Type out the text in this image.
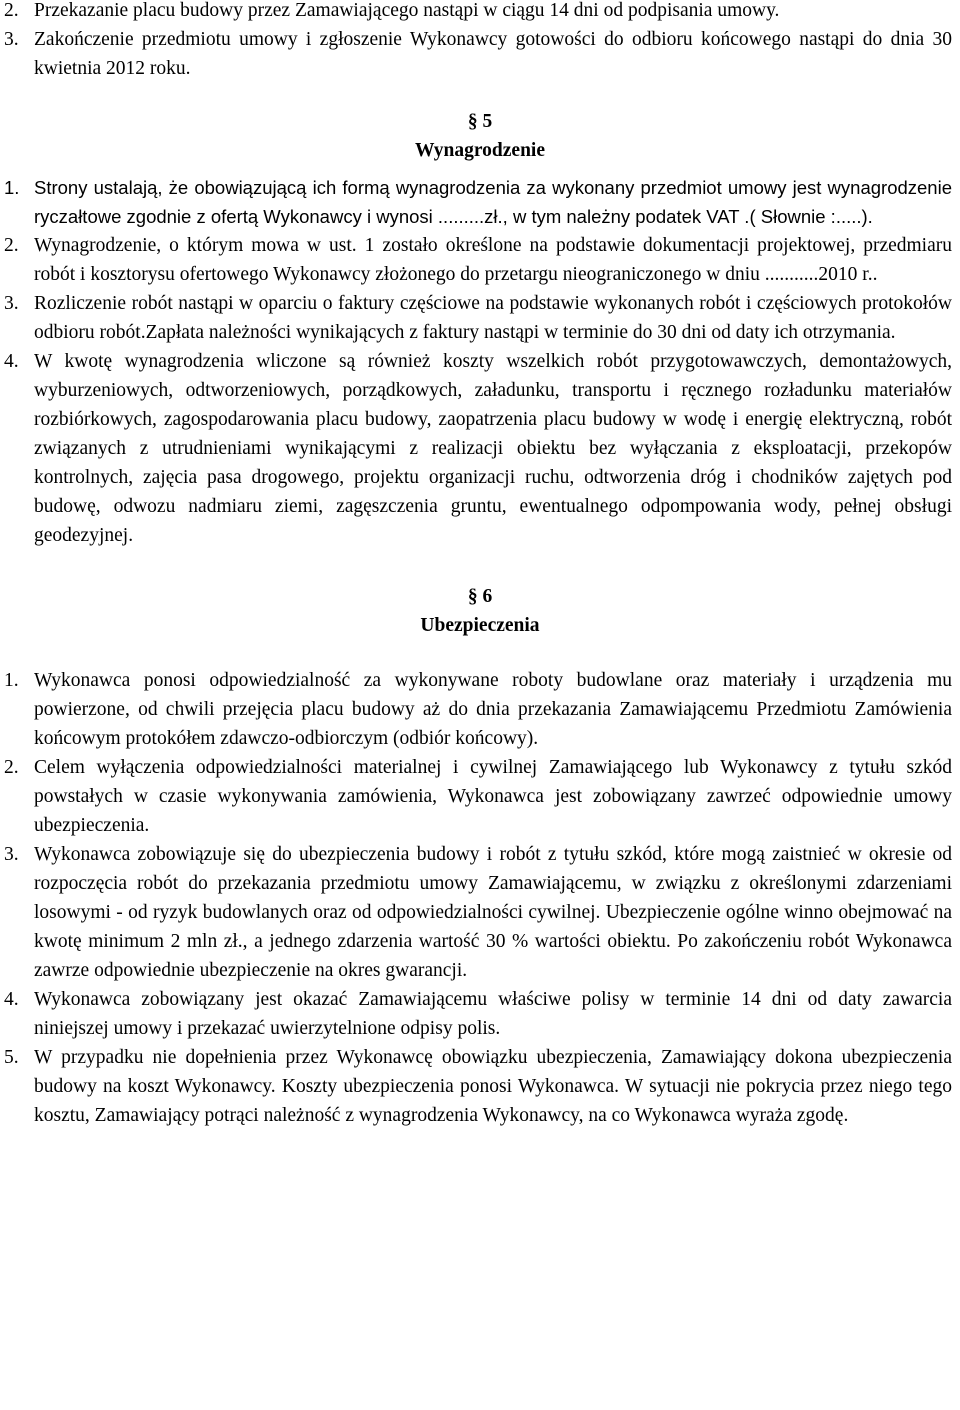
2. Przekazanie placu budowy przez Zamawiającego nastąpi w ciągu 14 dni od podpisania umowy.
3. Zakończenie przedmiotu umowy i zgłoszenie Wykonawcy gotowości do odbioru końcowego nastąpi do dnia 30 kwietnia 2012 roku.
§ 5
Wynagrodzenie
1. Strony ustalają, że obowiązującą ich formą wynagrodzenia za wykonany przedmiot umowy jest wynagrodzenie ryczałtowe zgodnie z ofertą Wykonawcy i wynosi .........zł., w tym należny podatek VAT .( Słownie :.....).
2. Wynagrodzenie, o którym mowa w ust. 1 zostało określone na podstawie dokumentacji projektowej, przedmiaru robót i kosztorysu ofertowego Wykonawcy złożonego do przetargu nieograniczonego w dniu ...........2010 r..
3. Rozliczenie robót nastąpi w oparciu o faktury częściowe na podstawie wykonanych robót i częściowych protokołów odbioru robót.Zapłata należności wynikających z faktury nastąpi w terminie do 30 dni od daty ich otrzymania.
4. W kwotę wynagrodzenia wliczone są również koszty wszelkich robót przygotowawczych, demontażowych, wyburzeniowych, odtworzeniowych, porządkowych, załadunku, transportu i ręcznego rozładunku materiałów rozbiórkowych, zagospodarowania placu budowy, zaopatrzenia placu budowy w wodę i energię elektryczną, robót związanych z utrudnieniami wynikającymi z realizacji obiektu bez wyłączania z eksploatacji, przekopów kontrolnych, zajęcia pasa drogowego, projektu organizacji ruchu, odtworzenia dróg i chodników zajętych pod budowę, odwozu nadmiaru ziemi, zagęszczenia gruntu, ewentualnego odpompowania wody, pełnej obsługi geodezyjnej.
§ 6
Ubezpieczenia
1. Wykonawca ponosi odpowiedzialność za wykonywane roboty budowlane oraz materiały i urządzenia mu powierzone, od chwili przejęcia placu budowy aż do dnia przekazania Zamawiającemu Przedmiotu Zamówienia końcowym protokółem zdawczo-odbiorczym (odbiór końcowy).
2. Celem wyłączenia odpowiedzialności materialnej i cywilnej Zamawiającego lub Wykonawcy z tytułu szkód powstałych w czasie wykonywania zamówienia, Wykonawca jest zobowiązany zawrzeć odpowiednie umowy ubezpieczenia.
3. Wykonawca zobowiązuje się do ubezpieczenia budowy i robót z tytułu szkód, które mogą zaistnieć w okresie od rozpoczęcia robót do przekazania przedmiotu umowy Zamawiającemu, w związku z określonymi zdarzeniami losowymi - od ryzyk budowlanych oraz od odpowiedzialności cywilnej. Ubezpieczenie ogólne winno obejmować na kwotę minimum 2 mln zł., a jednego zdarzenia wartość 30 % wartości obiektu. Po zakończeniu robót Wykonawca zawrze odpowiednie ubezpieczenie na okres gwarancji.
4. Wykonawca zobowiązany jest okazać Zamawiającemu właściwe polisy w terminie 14 dni od daty zawarcia niniejszej umowy i przekazać uwierzytelnione odpisy polis.
5. W przypadku nie dopełnienia przez Wykonawcę obowiązku ubezpieczenia, Zamawiający dokona ubezpieczenia budowy na koszt Wykonawcy. Koszty ubezpieczenia ponosi Wykonawca. W sytuacji nie pokrycia przez niego tego kosztu, Zamawiający potrąci należność z wynagrodzenia Wykonawcy, na co Wykonawca wyraża zgodę.
